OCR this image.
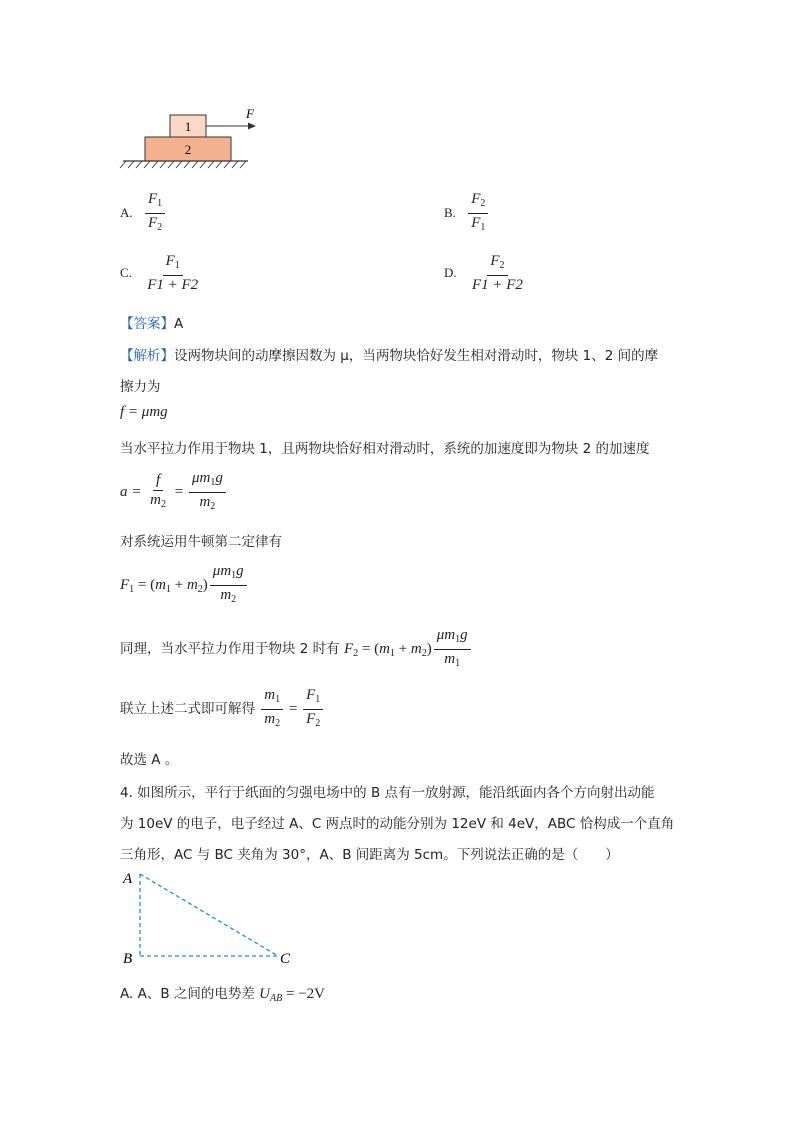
1
2
F
A. $\frac{F_1}{F_2}$	B. $\frac{F_2}{F_1}$
C. $\frac{F_1}{F1 + F2}$	D. $\frac{F_2}{F1 + F2}$
【答案】A
【解析】设两物块间的动摩擦因数为 μ，当两物块恰好发生相对滑动时，物块 1、2 间的摩
擦力为
f = μmg
当水平拉力作用于物块 1，且两物块恰好相对滑动时，系统的加速度即为物块 2 的加速度
$a = \frac{f}{m_2} = \frac{\mu m_1g}{m_2}$
对系统运用牛顿第二定律有
$F_1 = (m_1 + m_2) \frac{\mu m_1g}{m_2}$
同理，当水平拉力作用于物块 2 时有 $F_2 = (m_1 + m_2) \frac{\mu m_1g}{m_1}$
联立上述二式即可解得 $\frac{m_1}{m_2} = \frac{F_1}{F_2}$
故选 A 。
4. 如图所示，平行于纸面的匀强电场中的 B 点有一放射源，能沿纸面内各个方向射出动能
为 10eV 的电子，电子经过 A、C 两点时的动能分别为 12eV 和 4eV，ABC 恰构成一个直角
三角形，AC 与 BC 夹角为 30°，A、B 间距离为 5cm。下列说法正确的是（　　）
A
B	C
A. A、B 之间的电势差 $U_{AB} = -2V$
